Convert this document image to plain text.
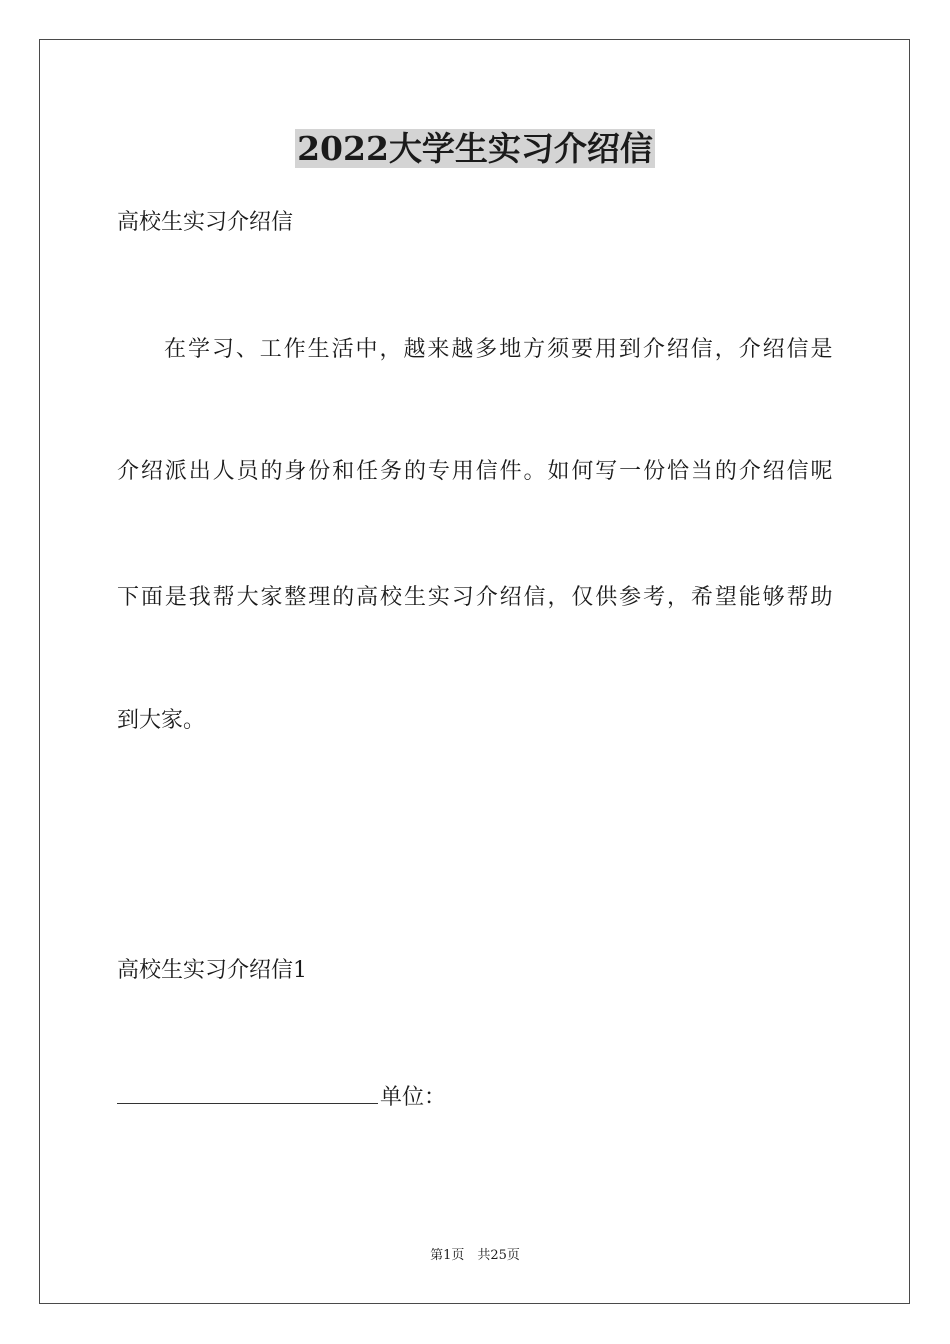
2022大学生实习介绍信

高校生实习介绍信

在学习、工作生活中，越来越多地方须要用到介绍信，介绍信是

介绍派出人员的身份和任务的专用信件。如何写一份恰当的介绍信呢

下面是我帮大家整理的高校生实习介绍信，仅供参考，希望能够帮助

到大家。

高校生实习介绍信1

单位：

第1页　共25页
